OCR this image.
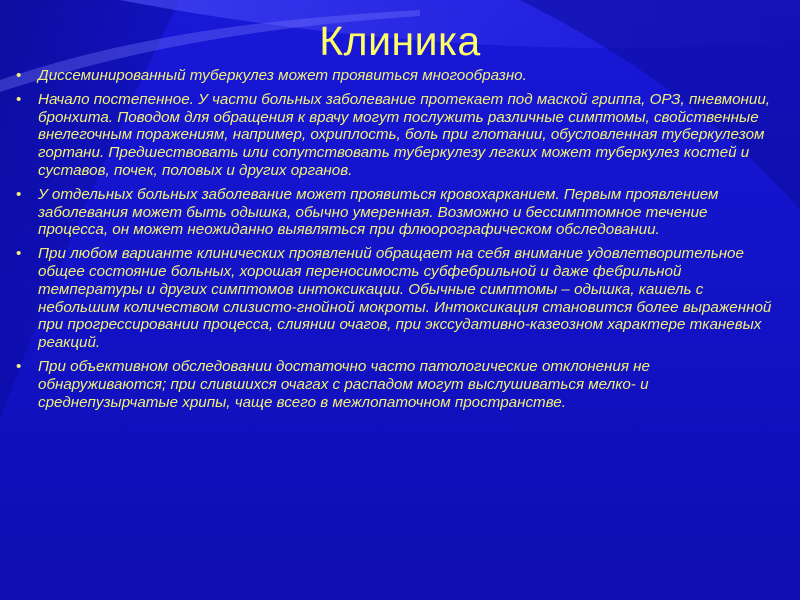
Клиника
• Диссеминированный туберкулез может проявиться многообразно.
• Начало постепенное. У части больных заболевание протекает под маской гриппа, ОРЗ, пневмонии, бронхита. Поводом для обращения к врачу могут послужить различные симптомы, свойственные внелегочным поражениям, например, охриплость, боль при глотании, обусловленная туберкулезом гортани. Предшествовать или сопутствовать туберкулезу легких может туберкулез костей и суставов, почек, половых и других органов.
• У отдельных больных заболевание может проявиться кровохарканием. Первым проявлением заболевания может быть одышка, обычно умеренная. Возможно и бессимптомное течение процесса, он может неожиданно выявляться при флюорографическом обследовании.
• При любом варианте клинических проявлений обращает на себя внимание удовлетворительное общее состояние больных, хорошая переносимость субфебрильной и даже фебрильной температуры и других симптомов интоксикации. Обычные симптомы – одышка, кашель с небольшим количеством слизисто-гнойной мокроты. Интоксикация становится более выраженной при прогрессировании процесса, слиянии очагов, при экссудативно-казеозном характере тканевых реакций.
• При объективном обследовании достаточно часто патологические отклонения не обнаруживаются; при слившихся очагах с распадом могут выслушиваться мелко- и среднепузырчатые хрипы, чаще всего в межлопаточном пространстве.
